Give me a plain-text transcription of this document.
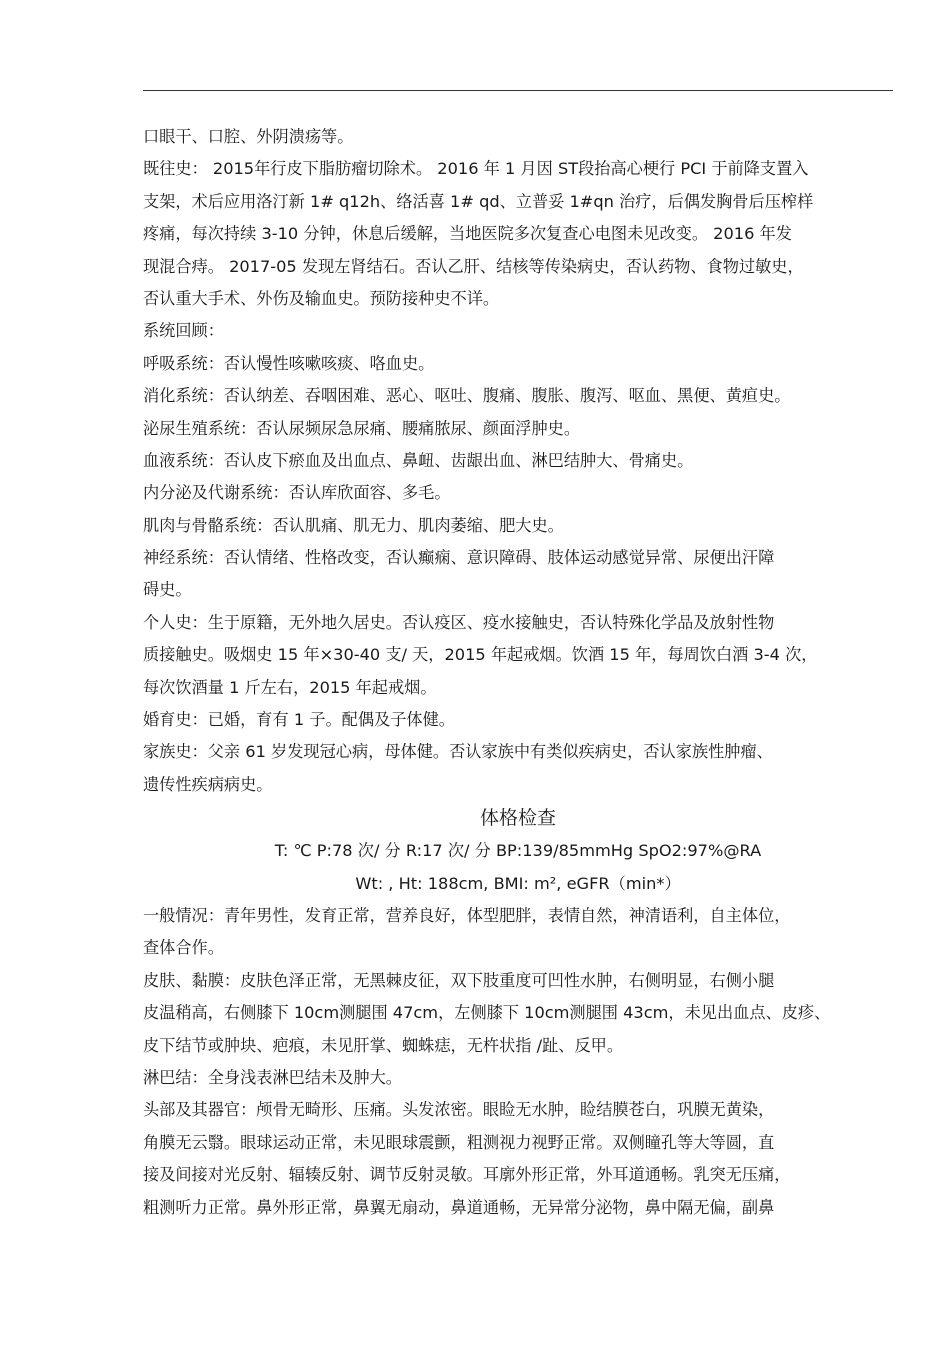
口眼干、口腔、外阴溃疡等。
既往史： 2015年行皮下脂肪瘤切除术。 2016 年 1 月因 ST段抬高心梗行 PCI 于前降支置入
支架，术后应用洛汀新 1# q12h、络活喜 1# qd、立普妥 1#qn 治疗，后偶发胸骨后压榨样
疼痛，每次持续 3-10 分钟，休息后缓解，当地医院多次复查心电图未见改变。 2016 年发
现混合痔。 2017-05 发现左肾结石。否认乙肝、结核等传染病史，否认药物、食物过敏史，
否认重大手术、外伤及输血史。预防接种史不详。
系统回顾：
呼吸系统：否认慢性咳嗽咳痰、咯血史。
消化系统：否认纳差、吞咽困难、恶心、呕吐、腹痛、腹胀、腹泻、呕血、黑便、黄疸史。
泌尿生殖系统：否认尿频尿急尿痛、腰痛脓尿、颜面浮肿史。
血液系统：否认皮下瘀血及出血点、鼻衄、齿龈出血、淋巴结肿大、骨痛史。
内分泌及代谢系统：否认库欣面容、多毛。
肌肉与骨骼系统：否认肌痛、肌无力、肌肉萎缩、肥大史。
神经系统：否认情绪、性格改变，否认癫痫、意识障碍、肢体运动感觉异常、尿便出汗障
碍史。
个人史：生于原籍，无外地久居史。否认疫区、疫水接触史，否认特殊化学品及放射性物
质接触史。吸烟史 15 年×30-40 支/ 天，2015 年起戒烟。饮酒 15 年，每周饮白酒 3-4 次，
每次饮酒量 1 斤左右，2015 年起戒烟。
婚育史：已婚，育有 1 子。配偶及子体健。
家族史：父亲 61 岁发现冠心病，母体健。否认家族中有类似疾病史，否认家族性肿瘤、
遗传性疾病病史。
体格检查
T: ℃ P:78 次/ 分 R:17 次/ 分 BP:139/85mmHg SpO2:97%@RA
Wt: , Ht: 188cm, BMI: m², eGFR（min*）
一般情况：青年男性，发育正常，营养良好，体型肥胖，表情自然，神清语利，自主体位，
查体合作。
皮肤、黏膜：皮肤色泽正常，无黑棘皮征，双下肢重度可凹性水肿，右侧明显，右侧小腿
皮温稍高，右侧膝下 10cm测腿围 47cm，左侧膝下 10cm测腿围 43cm，未见出血点、皮疹、
皮下结节或肿块、疤痕，未见肝掌、蜘蛛痣，无杵状指 /趾、反甲。
淋巴结：全身浅表淋巴结未及肿大。
头部及其器官：颅骨无畸形、压痛。头发浓密。眼睑无水肿，睑结膜苍白，巩膜无黄染，
角膜无云翳。眼球运动正常，未见眼球震颤，粗测视力视野正常。双侧瞳孔等大等圆，直
接及间接对光反射、辐辏反射、调节反射灵敏。耳廓外形正常，外耳道通畅。乳突无压痛，
粗测听力正常。鼻外形正常，鼻翼无扇动，鼻道通畅，无异常分泌物，鼻中隔无偏，副鼻
